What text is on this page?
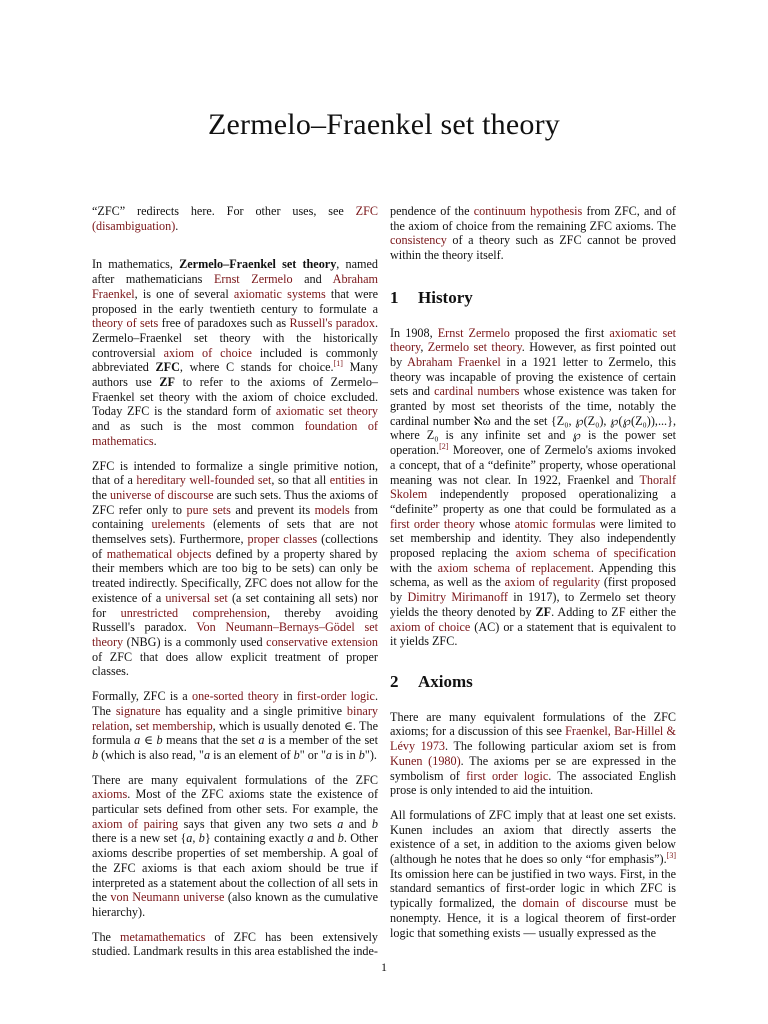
Zermelo–Fraenkel set theory

“ZFC” redirects here. For other uses, see ZFC (disambiguation).

In mathematics, Zermelo–Fraenkel set theory, named after mathematicians Ernst Zermelo and Abraham Fraenkel, is one of several axiomatic systems that were proposed in the early twentieth century to formulate a theory of sets free of paradoxes such as Russell's paradox. Zermelo–Fraenkel set theory with the historically controversial axiom of choice included is commonly abbreviated ZFC, where C stands for choice.[1] Many authors use ZF to refer to the axioms of Zermelo–Fraenkel set theory with the axiom of choice excluded. Today ZFC is the standard form of axiomatic set theory and as such is the most common foundation of mathematics.

ZFC is intended to formalize a single primitive notion, that of a hereditary well-founded set, so that all entities in the universe of discourse are such sets. Thus the axioms of ZFC refer only to pure sets and prevent its models from containing urelements (elements of sets that are not themselves sets). Furthermore, proper classes (collections of mathematical objects defined by a property shared by their members which are too big to be sets) can only be treated indirectly. Specifically, ZFC does not allow for the existence of a universal set (a set containing all sets) nor for unrestricted comprehension, thereby avoiding Russell's paradox. Von Neumann–Bernays–Gödel set theory (NBG) is a commonly used conservative extension of ZFC that does allow explicit treatment of proper classes.

Formally, ZFC is a one-sorted theory in first-order logic. The signature has equality and a single primitive binary relation, set membership, which is usually denoted ∈. The formula a ∈ b means that the set a is a member of the set b (which is also read, "a is an element of b" or "a is in b").

There are many equivalent formulations of the ZFC axioms. Most of the ZFC axioms state the existence of particular sets defined from other sets. For example, the axiom of pairing says that given any two sets a and b there is a new set {a, b} containing exactly a and b. Other axioms describe properties of set membership. A goal of the ZFC axioms is that each axiom should be true if interpreted as a statement about the collection of all sets in the von Neumann universe (also known as the cumulative hierarchy).

The metamathematics of ZFC has been extensively studied. Landmark results in this area established the inde-

pendence of the continuum hypothesis from ZFC, and of the axiom of choice from the remaining ZFC axioms. The consistency of a theory such as ZFC cannot be proved within the theory itself.

1 History

In 1908, Ernst Zermelo proposed the first axiomatic set theory, Zermelo set theory. However, as first pointed out by Abraham Fraenkel in a 1921 letter to Zermelo, this theory was incapable of proving the existence of certain sets and cardinal numbers whose existence was taken for granted by most set theorists of the time, notably the cardinal number ℵω and the set {Z₀, ℘(Z₀), ℘(℘(Z₀)),...}, where Z₀ is any infinite set and ℘ is the power set operation.[2] Moreover, one of Zermelo's axioms invoked a concept, that of a “definite” property, whose operational meaning was not clear. In 1922, Fraenkel and Thoralf Skolem independently proposed operationalizing a “definite” property as one that could be formulated as a first order theory whose atomic formulas were limited to set membership and identity. They also independently proposed replacing the axiom schema of specification with the axiom schema of replacement. Appending this schema, as well as the axiom of regularity (first proposed by Dimitry Mirimanoff in 1917), to Zermelo set theory yields the theory denoted by ZF. Adding to ZF either the axiom of choice (AC) or a statement that is equivalent to it yields ZFC.

2 Axioms

There are many equivalent formulations of the ZFC axioms; for a discussion of this see Fraenkel, Bar-Hillel & Lévy 1973. The following particular axiom set is from Kunen (1980). The axioms per se are expressed in the symbolism of first order logic. The associated English prose is only intended to aid the intuition.

All formulations of ZFC imply that at least one set exists. Kunen includes an axiom that directly asserts the existence of a set, in addition to the axioms given below (although he notes that he does so only “for emphasis”).[3] Its omission here can be justified in two ways. First, in the standard semantics of first-order logic in which ZFC is typically formalized, the domain of discourse must be nonempty. Hence, it is a logical theorem of first-order logic that something exists — usually expressed as the

1
